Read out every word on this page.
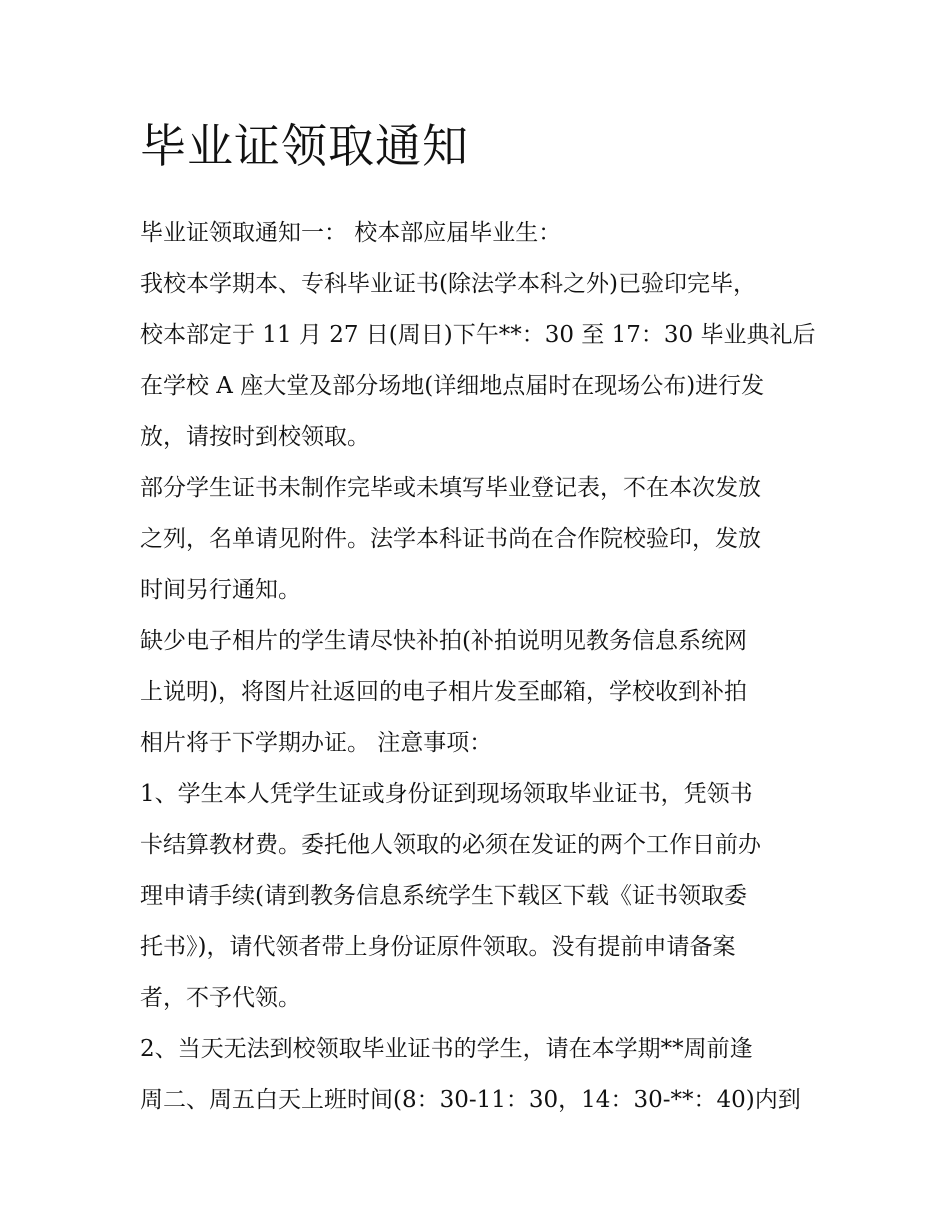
毕业证领取通知

毕业证领取通知一： 校本部应届毕业生：

我校本学期本、专科毕业证书(除法学本科之外)已验印完毕，
校本部定于 11 月 27 日(周日)下午**：30 至 17：30 毕业典礼后
在学校 A 座大堂及部分场地(详细地点届时在现场公布)进行发
放，请按时到校领取。

部分学生证书未制作完毕或未填写毕业登记表，不在本次发放
之列，名单请见附件。法学本科证书尚在合作院校验印，发放
时间另行通知。

缺少电子相片的学生请尽快补拍(补拍说明见教务信息系统网
上说明)，将图片社返回的电子相片发至邮箱，学校收到补拍
相片将于下学期办证。 注意事项：

1、学生本人凭学生证或身份证到现场领取毕业证书，凭领书
卡结算教材费。委托他人领取的必须在发证的两个工作日前办
理申请手续(请到教务信息系统学生下载区下载《证书领取委
托书》)，请代领者带上身份证原件领取。没有提前申请备案
者，不予代领。

2、当天无法到校领取毕业证书的学生，请在本学期**周前逢
周二、周五白天上班时间(8：30-11：30，14：30-**：40)内到
